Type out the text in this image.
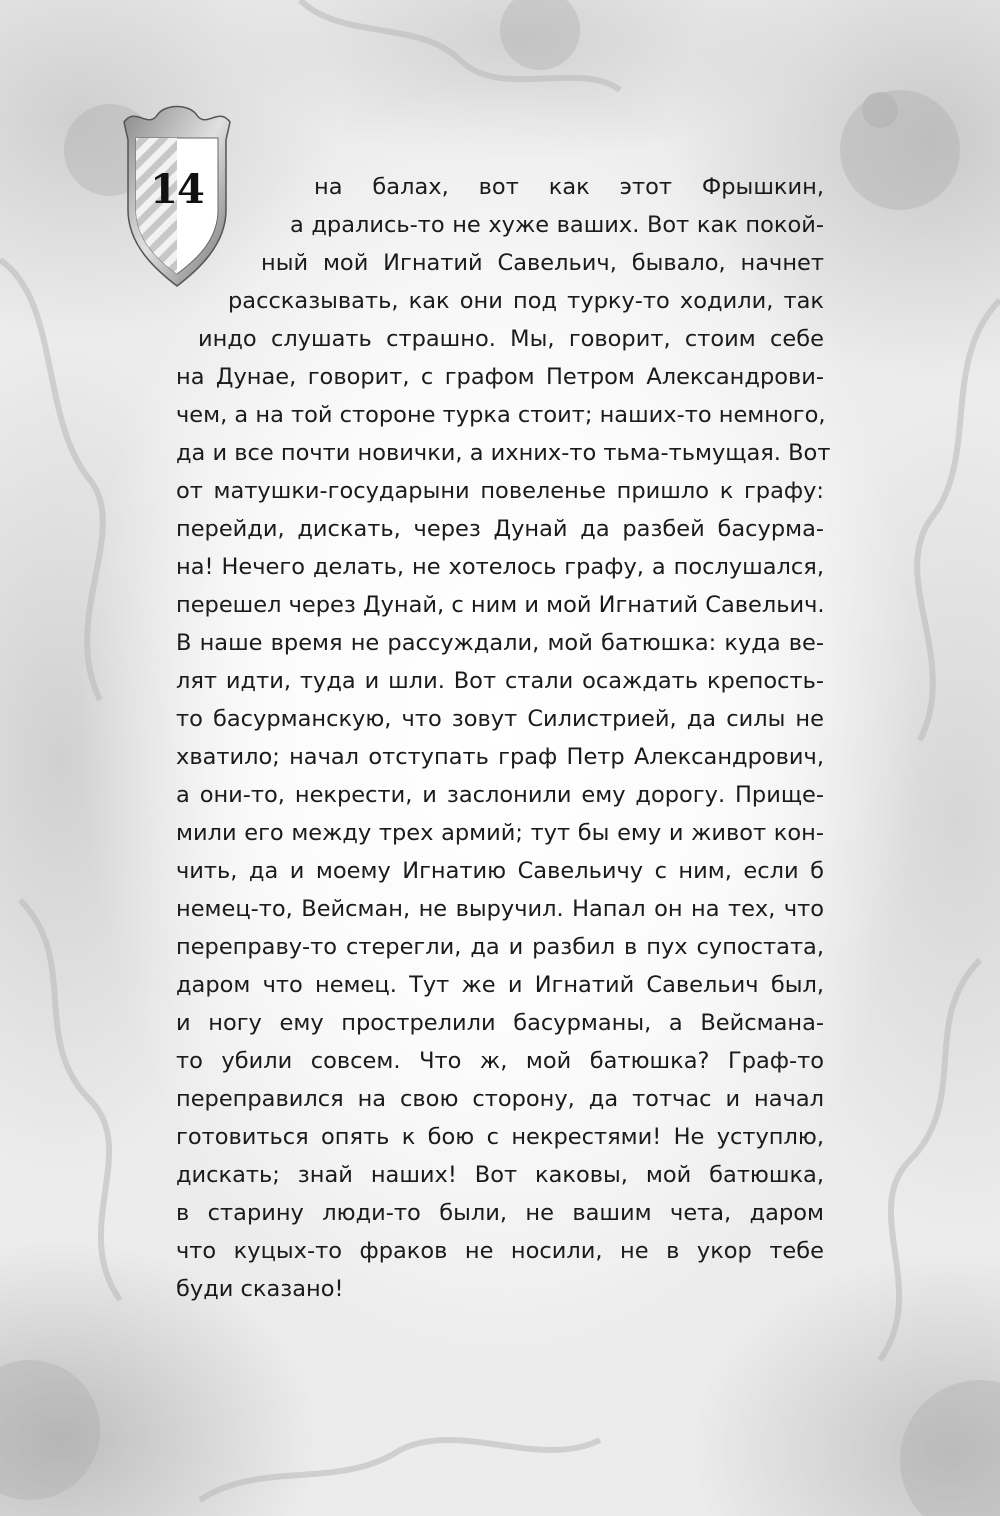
14	на балах, вот как этот Фрышкин,
а дрались-то не хуже ваших. Вот как покой-
ный мой Игнатий Савельич, бывало, начнет
рассказывать, как они под турку-то ходили, так
индо слушать страшно. Мы, говорит, стоим себе
на Дунае, говорит, с графом Петром Александрови-
чем, а на той стороне турка стоит; наших-то немного,
да и все почти новички, а ихних-то тьма-тьмущая. Вот
от матушки-государыни повеленье пришло к графу:
перейди, дискать, через Дунай да разбей басурма-
на! Нечего делать, не хотелось графу, а послушался,
перешел через Дунай, с ним и мой Игнатий Савельич.
В наше время не рассуждали, мой батюшка: куда ве-
лят идти, туда и шли. Вот стали осаждать крепость-
то басурманскую, что зовут Силистрией, да силы не
хватило; начал отступать граф Петр Александрович,
а они-то, некрести, и заслонили ему дорогу. Прище-
мили его между трех армий; тут бы ему и живот кон-
чить, да и моему Игнатию Савельичу с ним, если б
немец-то, Вейсман, не выручил. Напал он на тех, что
переправу-то стерегли, да и разбил в пух супостата,
даром что немец. Тут же и Игнатий Савельич был,
и ногу ему прострелили басурманы, а Вейсмана-
то убили совсем. Что ж, мой батюшка? Граф-то
переправился на свою сторону, да тотчас и начал
готовиться опять к бою с некрестями! Не уступлю,
дискать; знай наших! Вот каковы, мой батюшка,
в старину люди-то были, не вашим чета, даром
что куцых-то фраков не носили, не в укор тебе
буди сказано!
